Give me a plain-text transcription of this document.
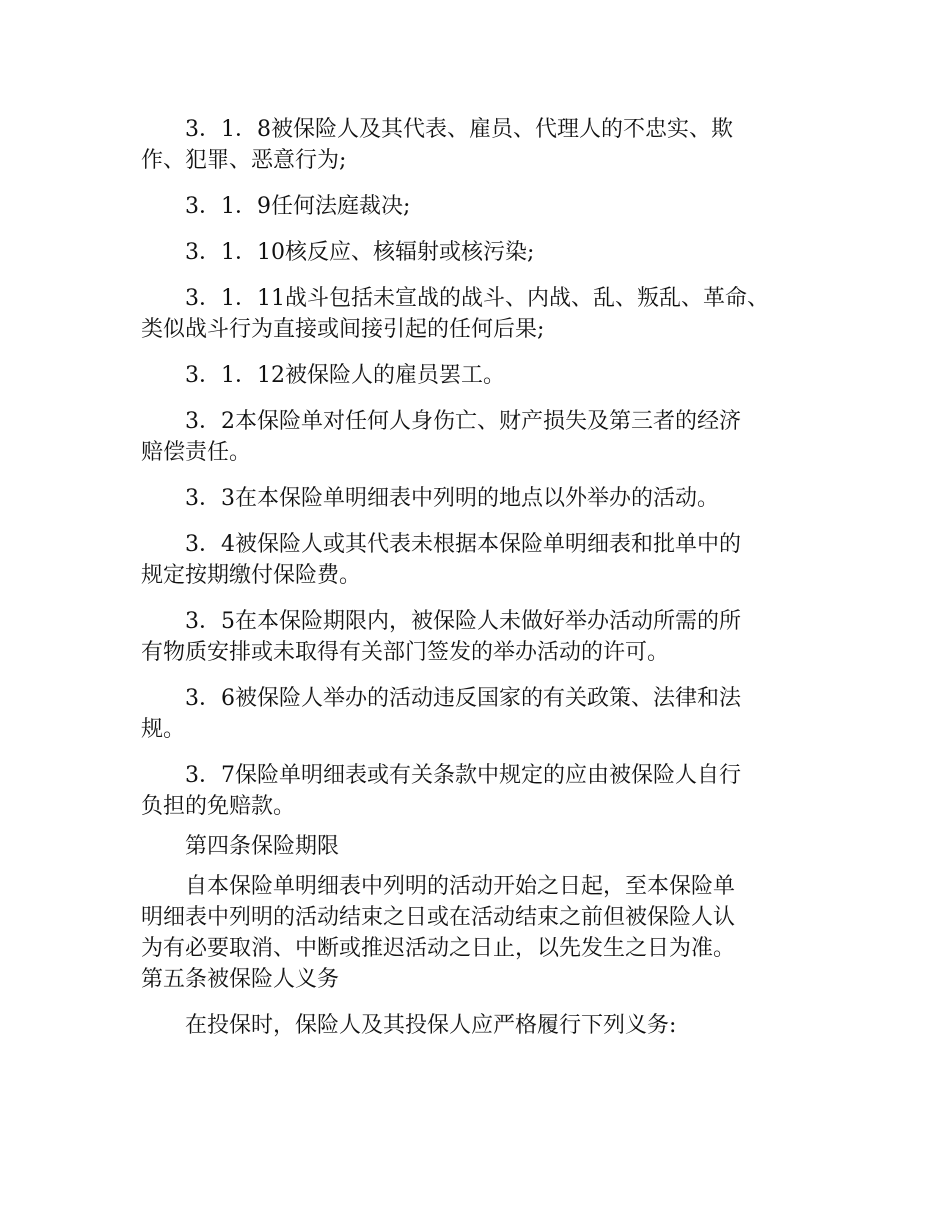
3．1．8被保险人及其代表、雇员、代理人的不忠实、欺
作、犯罪、恶意行为;

3．1．9任何法庭裁决;

3．1．10核反应、核辐射或核污染;

3．1．11战斗包括未宣战的战斗、内战、乱、叛乱、革命、
类似战斗行为直接或间接引起的任何后果;

3．1．12被保险人的雇员罢工。

3．2本保险单对任何人身伤亡、财产损失及第三者的经济
赔偿责任。

3．3在本保险单明细表中列明的地点以外举办的活动。

3．4被保险人或其代表未根据本保险单明细表和批单中的
规定按期缴付保险费。

3．5在本保险期限内，被保险人未做好举办活动所需的所
有物质安排或未取得有关部门签发的举办活动的许可。

3．6被保险人举办的活动违反国家的有关政策、法律和法
规。

3．7保险单明细表或有关条款中规定的应由被保险人自行
负担的免赔款。

第四条保险期限

自本保险单明细表中列明的活动开始之日起，至本保险单
明细表中列明的活动结束之日或在活动结束之前但被保险人认
为有必要取消、中断或推迟活动之日止，以先发生之日为准。
第五条被保险人义务

在投保时，保险人及其投保人应严格履行下列义务:
